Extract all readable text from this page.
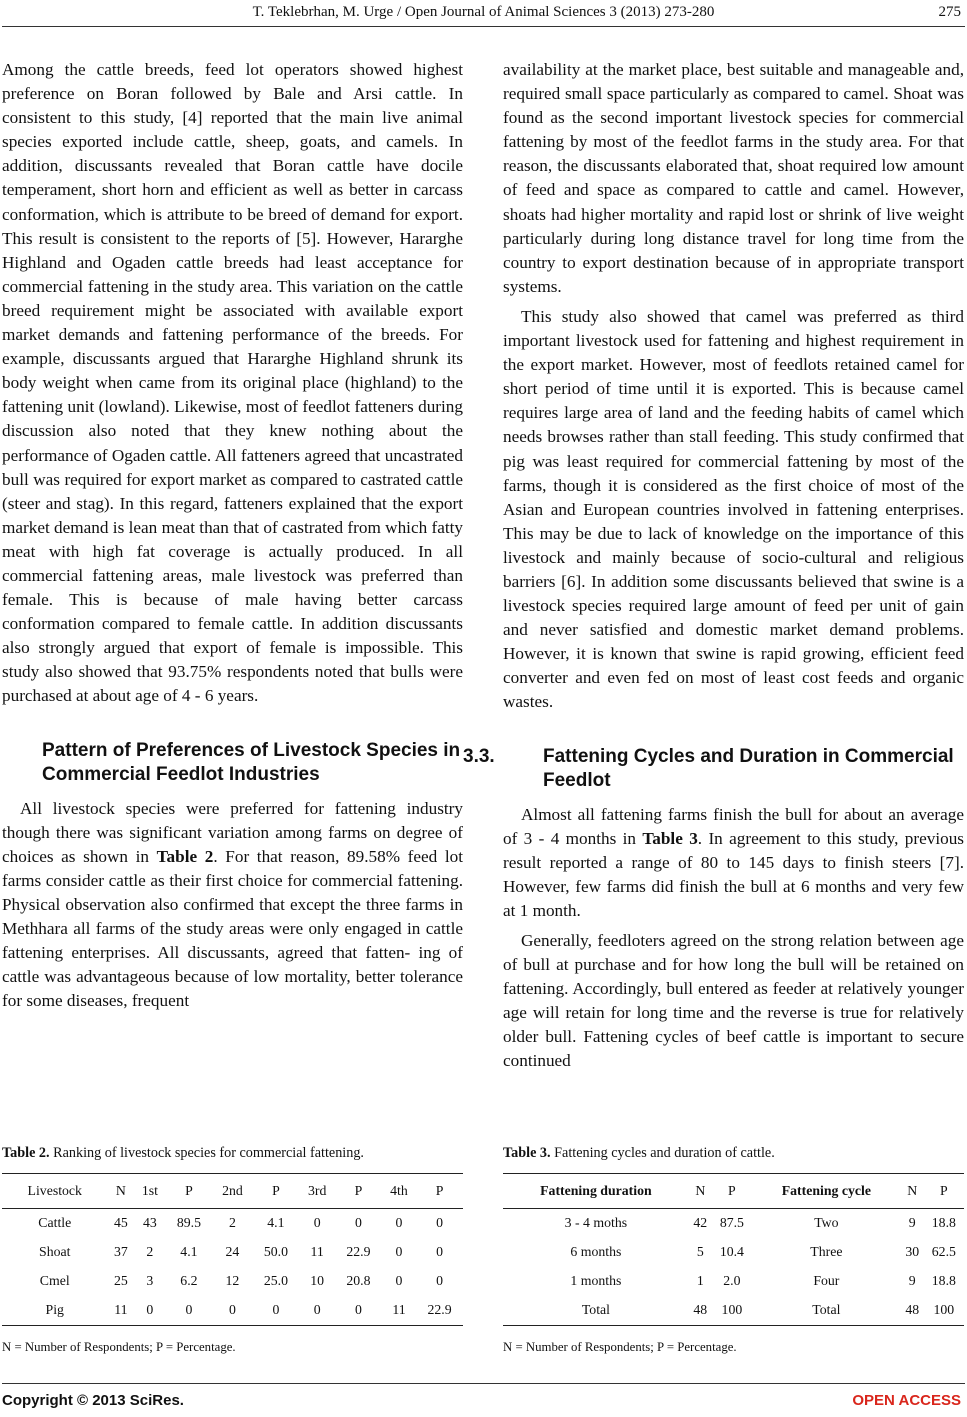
T. Teklebrhan, M. Urge / Open Journal of Animal Sciences 3 (2013) 273-280	275

Among the cattle breeds, feed lot operators showed highest preference on Boran followed by Bale and Arsi cattle. In consistent to this study, [4] reported that the main live animal species exported include cattle, sheep, goats, and camels. In addition, discussants revealed that Boran cattle have docile temperament, short horn and efficient as well as better in carcass conformation, which is attribute to be breed of demand for export. This result is consistent to the reports of [5]. However, Hararghe Highland and Ogaden cattle breeds had least acceptance for commercial fattening in the study area. This variation on the cattle breed requirement might be associated with available export market demands and fattening performance of the breeds. For example, discussants argued that Hararghe Highland shrunk its body weight when came from its original place (highland) to the fattening unit (lowland). Likewise, most of feedlot fatteners during discussion also noted that they knew nothing about the performance of Ogaden cattle. All fatteners agreed that uncastrated bull was required for export market as compared to castrated cattle (steer and stag). In this regard, fatteners explained that the export market demand is lean meat than that of castrated from which fatty meat with high fat coverage is actually produced. In all commercial fattening areas, male livestock was preferred than female. This is because of male having better carcass conformation compared to female cattle. In addition discussants also strongly argued that export of female is impossible. This study also showed that 93.75% respondents noted that bulls were purchased at about age of 4 - 6 years.

Pattern of Preferences of Livestock Species in Commercial Feedlot Industries

All livestock species were preferred for fattening industry though there was significant variation among farms on degree of choices as shown in Table 2. For that reason, 89.58% feed lot farms consider cattle as their first choice for commercial fattening. Physical observation also confirmed that except the three farms in Methhara all farms of the study areas were only engaged in cattle fattening enterprises. All discussants, agreed that fatten- ing of cattle was advantageous because of low mortality, better tolerance for some diseases, frequent

Table 2. Ranking of livestock species for commercial fattening.
Livestock	N	1st	P	2nd	P	3rd	P	4th	P
Cattle	45	43	89.5	2	4.1	0	0	0	0
Shoat	37	2	4.1	24	50.0	11	22.9	0	0
Cmel	25	3	6.2	12	25.0	10	20.8	0	0
Pig	11	0	0	0	0	0	0	11	22.9
N = Number of Respondents; P = Percentage.

availability at the market place, best suitable and manageable and, required small space particularly as compared to camel. Shoat was found as the second important livestock species for commercial fattening by most of the feedlot farms in the study area. For that reason, the discussants elaborated that, shoat required low amount of feed and space as compared to cattle and camel. However, shoats had higher mortality and rapid lost or shrink of live weight particularly during long distance travel for long time from the country to export destination because of in appropriate transport systems.

This study also showed that camel was preferred as third important livestock used for fattening and highest requirement in the export market. However, most of feedlots retained camel for short period of time until it is exported. This is because camel requires large area of land and the feeding habits of camel which needs browses rather than stall feeding. This study confirmed that pig was least required for commercial fattening by most of the farms, though it is considered as the first choice of most of the Asian and European countries involved in fattening enterprises. This may be due to lack of knowledge on the importance of this livestock and mainly because of socio-cultural and religious barriers [6]. In addition some discussants believed that swine is a livestock species required large amount of feed per unit of gain and never satisfied and domestic market demand problems. However, it is known that swine is rapid growing, efficient feed converter and even fed on most of least cost feeds and organic wastes.

3.3.	Fattening Cycles and Duration in Commercial Feedlot

Almost all fattening farms finish the bull for about an average of 3 - 4 months in Table 3. In agreement to this study, previous result reported a range of 80 to 145 days to finish steers [7]. However, few farms did finish the bull at 6 months and very few at 1 month.

Generally, feedloters agreed on the strong relation between age of bull at purchase and for how long the bull will be retained on fattening. Accordingly, bull entered as feeder at relatively younger age will retain for long time and the reverse is true for relatively older bull. Fattening cycles of beef cattle is important to secure continued

Table 3. Fattening cycles and duration of cattle.
Fattening duration	N	P	Fattening cycle	N	P
3 - 4 moths	42	87.5	Two	9	18.8
6 months	5	10.4	Three	30	62.5
1 months	1	2.0	Four	9	18.8
Total	48	100	Total	48	100
N = Number of Respondents; P = Percentage.
Copyright © 2013 SciRes.	OPEN ACCESS
